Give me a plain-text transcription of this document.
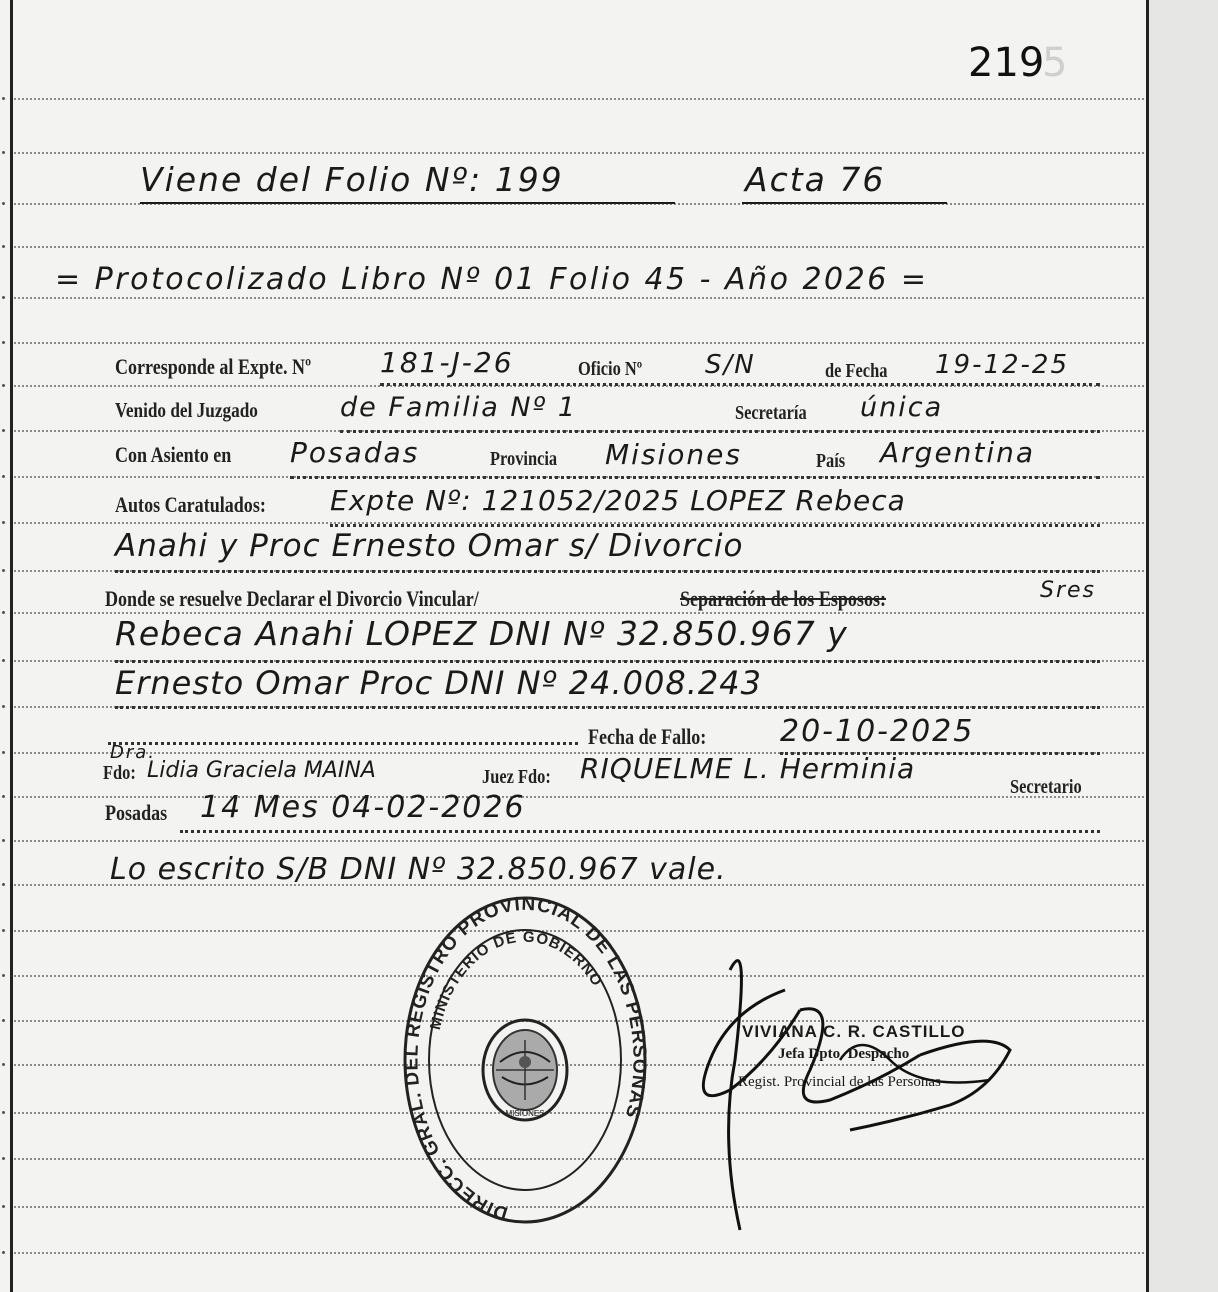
219
5
Viene del Folio Nº: 199	Acta 76
= Protocolizado Libro Nº 01 Folio 45 - Año 2026 =
Corresponde al Expte. Nº 181-J-26	Oficio Nº S/N	de Fecha 19-12-25
Venido del Juzgado	de Familia Nº 1	Secretaría única
Con Asiento en Posadas	Provincia Misiones	País Argentina
Autos Caratulados: Expte Nº: 121052/2025 LOPEZ Rebeca
Anahi y Proc Ernesto Omar s/ Divorcio
Donde se resuelve Declarar el Divorcio Vincular/	Separación de los Esposos:	Sres
Rebeca Anahi LOPEZ DNI Nº 32.850.967 y
Ernesto Omar Proc DNI Nº 24.008.243
Fecha de Fallo: 20-10-2025
Dra.
Fdo: Lidia Graciela MAINA	Juez Fdo: RIQUELME L. Herminia
Secretario
Posadas 14 Mes 04-02-2026
Lo escrito S/B DNI Nº 32.850.967 vale.
DIRECC. GRAL. DEL REGISTRO PROVINCIAL DE LAS PERSONAS
MINISTERIO DE GOBIERNO
MISIONES
VIVIANA C. R. CASTILLO
Jefa Dpto. Despacho
Regist. Provincial de las Personas
